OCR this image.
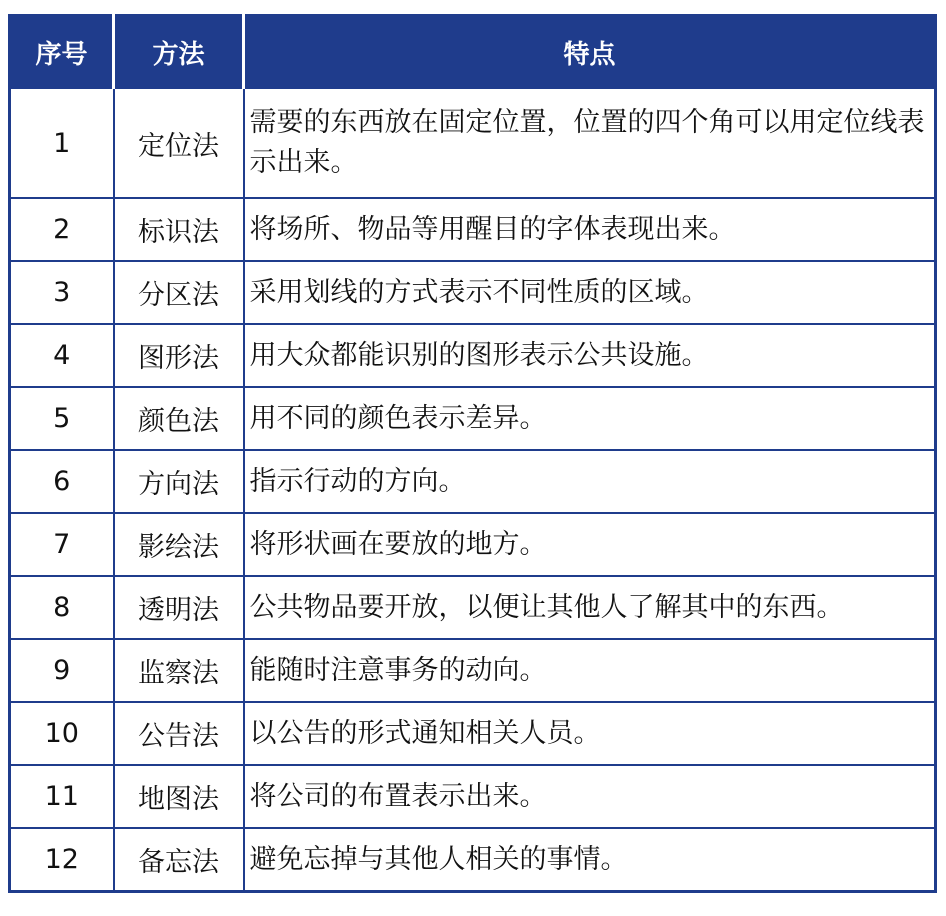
序号	方法	特点
1	定位法	需要的东西放在固定位置，位置的四个角可以用定位线表示出来。
2	标识法	将场所、物品等用醒目的字体表现出来。
3	分区法	采用划线的方式表示不同性质的区域。
4	图形法	用大众都能识别的图形表示公共设施。
5	颜色法	用不同的颜色表示差异。
6	方向法	指示行动的方向。
7	影绘法	将形状画在要放的地方。
8	透明法	公共物品要开放，以便让其他人了解其中的东西。
9	监察法	能随时注意事务的动向。
10	公告法	以公告的形式通知相关人员。
11	地图法	将公司的布置表示出来。
12	备忘法	避免忘掉与其他人相关的事情。
